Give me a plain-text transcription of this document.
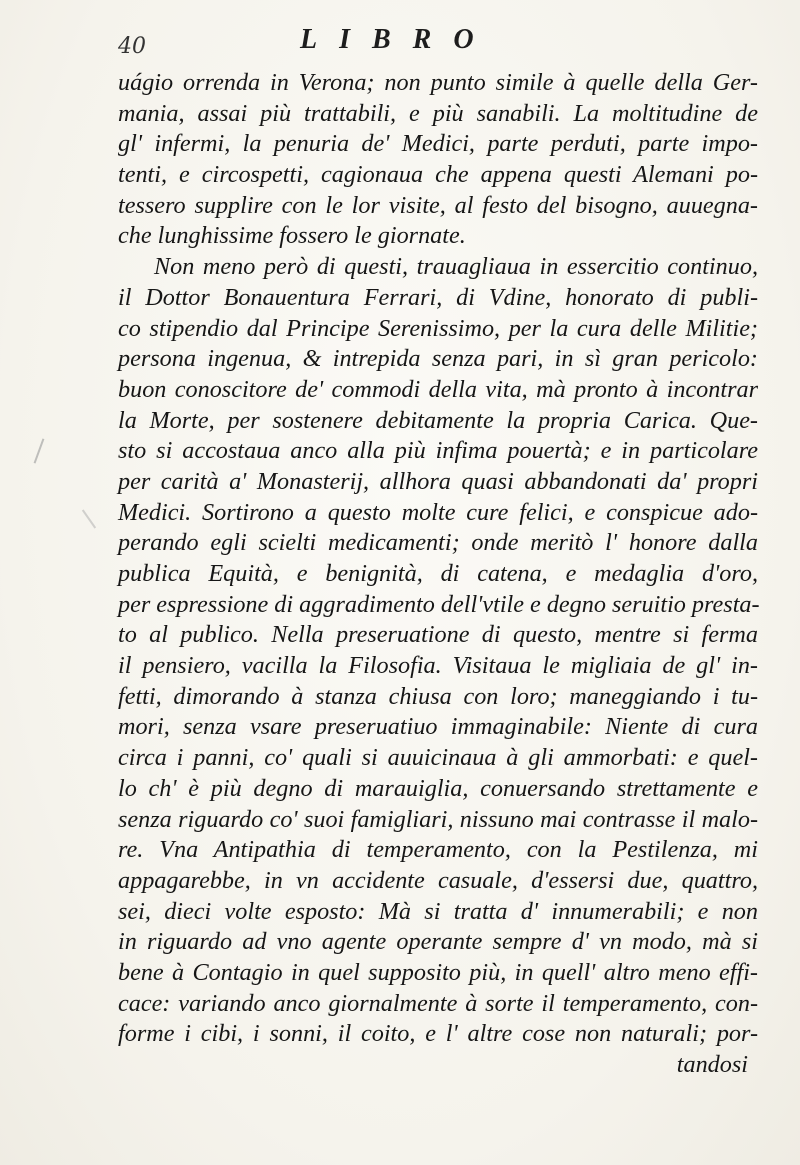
40	LIBRO
uágio orrenda in Verona; non punto simile à quelle della Ger-
mania, assai più trattabili, e più sanabili. La moltitudine de
gl' infermi, la penuria de' Medici, parte perduti, parte impo-
tenti, e circospetti, cagionaua che appena questi Alemani po-
tessero supplire con le lor visite, al festo del bisogno, auuegna-
che lunghissime fossero le giornate.
Non meno però di questi, trauagliaua in essercitio continuo,
il Dottor Bonauentura Ferrari, di Vdine, honorato di publi-
co stipendio dal Principe Serenissimo, per la cura delle Militie;
persona ingenua, & intrepida senza pari, in sì gran pericolo:
buon conoscitore de' commodi della vita, mà pronto à incontrar
la Morte, per sostenere debitamente la propria Carica. Que-
sto si accostaua anco alla più infima pouertà; e in particolare
per carità a' Monasterij, allhora quasi abbandonati da' propri
Medici. Sortirono a questo molte cure felici, e conspicue ado-
perando egli scielti medicamenti; onde meritò l' honore dalla
publica Equità, e benignità, di catena, e medaglia d'oro,
per espressione di aggradimento dell'vtile e degno seruitio presta-
to al publico. Nella preseruatione di questo, mentre si ferma
il pensiero, vacilla la Filosofia. Visitaua le migliaia de gl' in-
fetti, dimorando à stanza chiusa con loro; maneggiando i tu-
mori, senza vsare preseruatiuo immaginabile: Niente di cura
circa i panni, co' quali si auuicinaua à gli ammorbati: e quel-
lo ch' è più degno di marauiglia, conuersando strettamente e
senza riguardo co' suoi famigliari, nissuno mai contrasse il malo-
re. Vna Antipathia di temperamento, con la Pestilenza, mi
appagarebbe, in vn accidente casuale, d'essersi due, quattro,
sei, dieci volte esposto: Mà si tratta d' innumerabili; e non
in riguardo ad vno agente operante sempre d' vn modo, mà si
bene à Contagio in quel supposito più, in quell' altro meno effi-
cace: variando anco giornalmente à sorte il temperamento, con-
forme i cibi, i sonni, il coito, e l' altre cose non naturali; por-
tandosi
